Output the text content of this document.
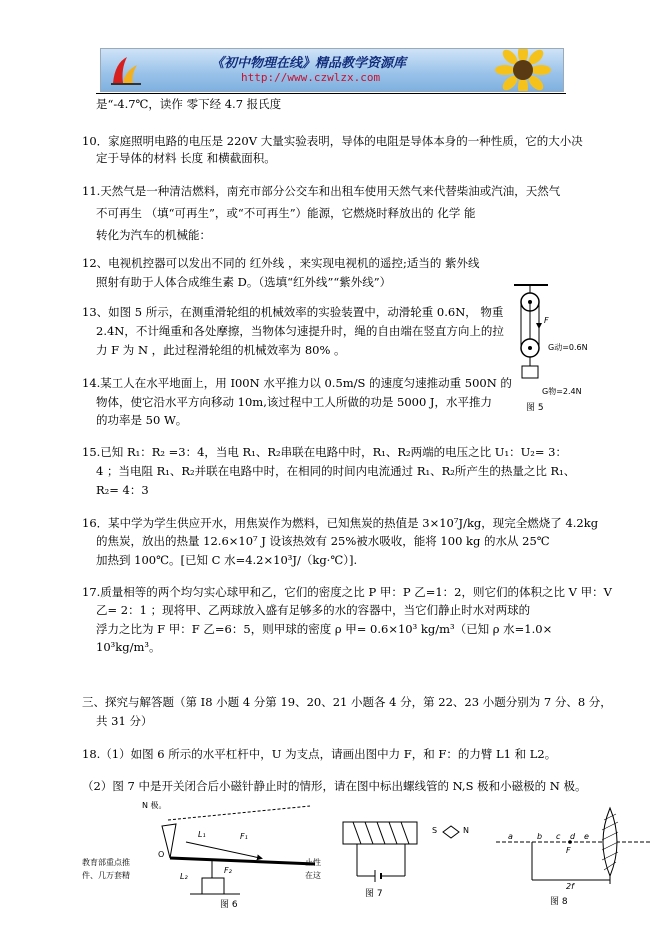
《初中物理在线》精品教学资源库
http://www.czwlzx.com
是“-4.7℃，读作 零下经 4.7 报氏度
10．家庭照明电路的电压是 220V 大量实验表明，导体的电阻是导体本身的一种性质，它的大小决
定于导体的材料 长度 和横截面积。
11.天然气是一种清洁燃料，南充市部分公交车和出租车使用天然气来代替柴油或汽油，天然气
不可再生 （填“可再生”，或“不可再生”）能源，它燃烧时释放出的 化学 能
转化为汽车的机械能：
12、电视机控器可以发出不同的 红外线 ，来实现电视机的遥控;适当的 紫外线
照射有助于人体合成维生素 D。（选填“红外线”“紫外线”）
13、如图 5 所示，在测重滑轮组的机械效率的实验装置中，动滑轮重 0.6N， 物重
2.4N，不计绳重和各处摩擦，当物体匀速提升时，绳的自由端在竖直方向上的拉
力 F 为 N ，此过程滑轮组的机械效率为 80% 。
14.某工人在水平地面上，用 I00N 水平推力以 0.5m/S 的速度匀速推动重 500N 的
物体，使它沿水平方向移动 10m,该过程中工人所做的功是 5000 J，水平推力
的功率是 50 W。
15.已知 R₁：R₂ =3：4，当电 R₁、R₂串联在电路中时，R₁、R₂两端的电压之比 U₁：U₂= 3：
4 ；当电阻 R₁、R₂并联在电路中时，在相同的时间内电流通过 R₁、R₂所产生的热量之比 R₁、
R₂= 4：3
16．某中学为学生供应开水，用焦炭作为燃料，已知焦炭的热值是 3×10⁷J/kg，现完全燃烧了 4.2kg
的焦炭，放出的热量 12.6×10⁷ J 设该热效有 25%被水吸收，能将 100 kg 的水从 25℃
加热到 100℃。[已知 C 水=4.2×10³J/（kg·℃）].
17.质量相等的两个均匀实心球甲和乙，它们的密度之比 P 甲：P 乙=1：2，则它们的体积之比 V 甲：V
乙= 2：1 ；现将甲、乙两球放入盛有足够多的水的容器中，当它们静止时水对两球的
浮力之比为 F 甲：F 乙=6：5，则甲球的密度 ρ 甲= 0.6×10³ kg/m³（已知 ρ 水=1.0×
10³kg/m³。
三、探究与解答题（第 I8 小题 4 分第 19、20、21 小题各 4 分，第 22、23 小题分别为 7 分、8 分，
共 31 分）
18.（1）如图 6 所示的水平杠杆中，U 为支点，请画出图中力 F，和 F：的力臂 L1 和 L2。
（2）图 7 中是开关闭合后小磁针静止时的情形，请在图中标出螺线管的 N,S 极和小磁极的 N 极。
F
G动=0.6N
G物=2.4N
图 5
N 极。
O
L₁	F₁
F₂
L₂
图 6
教育部重点推
件、几万套精
止性
在这
S	N
图 7
a	b c d e
F
2f
图 8
